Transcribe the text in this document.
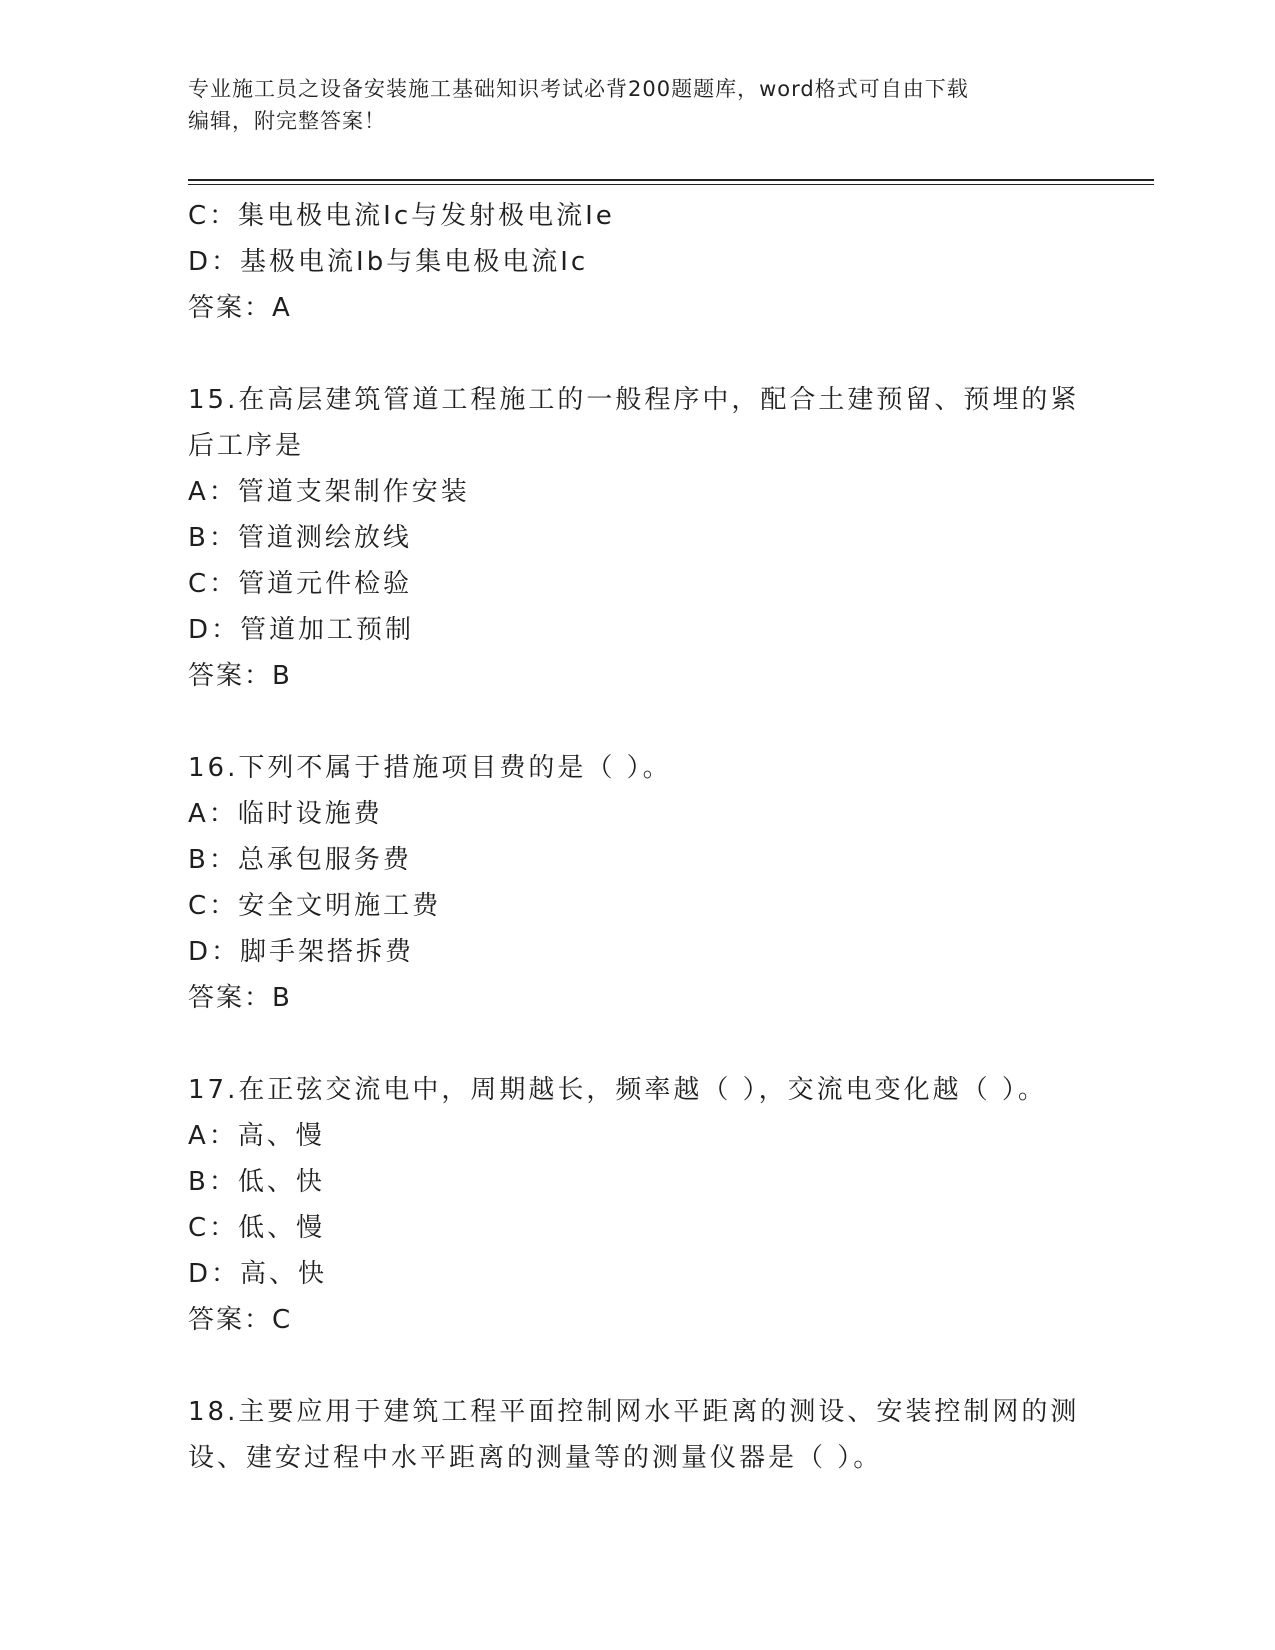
专业施工员之设备安装施工基础知识考试必背200题题库，word格式可自由下载
编辑，附完整答案！
C：集电极电流Ic与发射极电流Ie
D：基极电流Ib与集电极电流Ic
答案：A
15.在高层建筑管道工程施工的一般程序中，配合土建预留、预埋的紧
后工序是
A：管道支架制作安装
B：管道测绘放线
C：管道元件检验
D：管道加工预制
答案：B
16.下列不属于措施项目费的是（ ）。
A：临时设施费
B：总承包服务费
C：安全文明施工费
D：脚手架搭拆费
答案：B
17.在正弦交流电中，周期越长，频率越（ ），交流电变化越（ ）。
A：高、慢
B：低、快
C：低、慢
D：高、快
答案：C
18.主要应用于建筑工程平面控制网水平距离的测设、安装控制网的测
设、建安过程中水平距离的测量等的测量仪器是（ ）。
